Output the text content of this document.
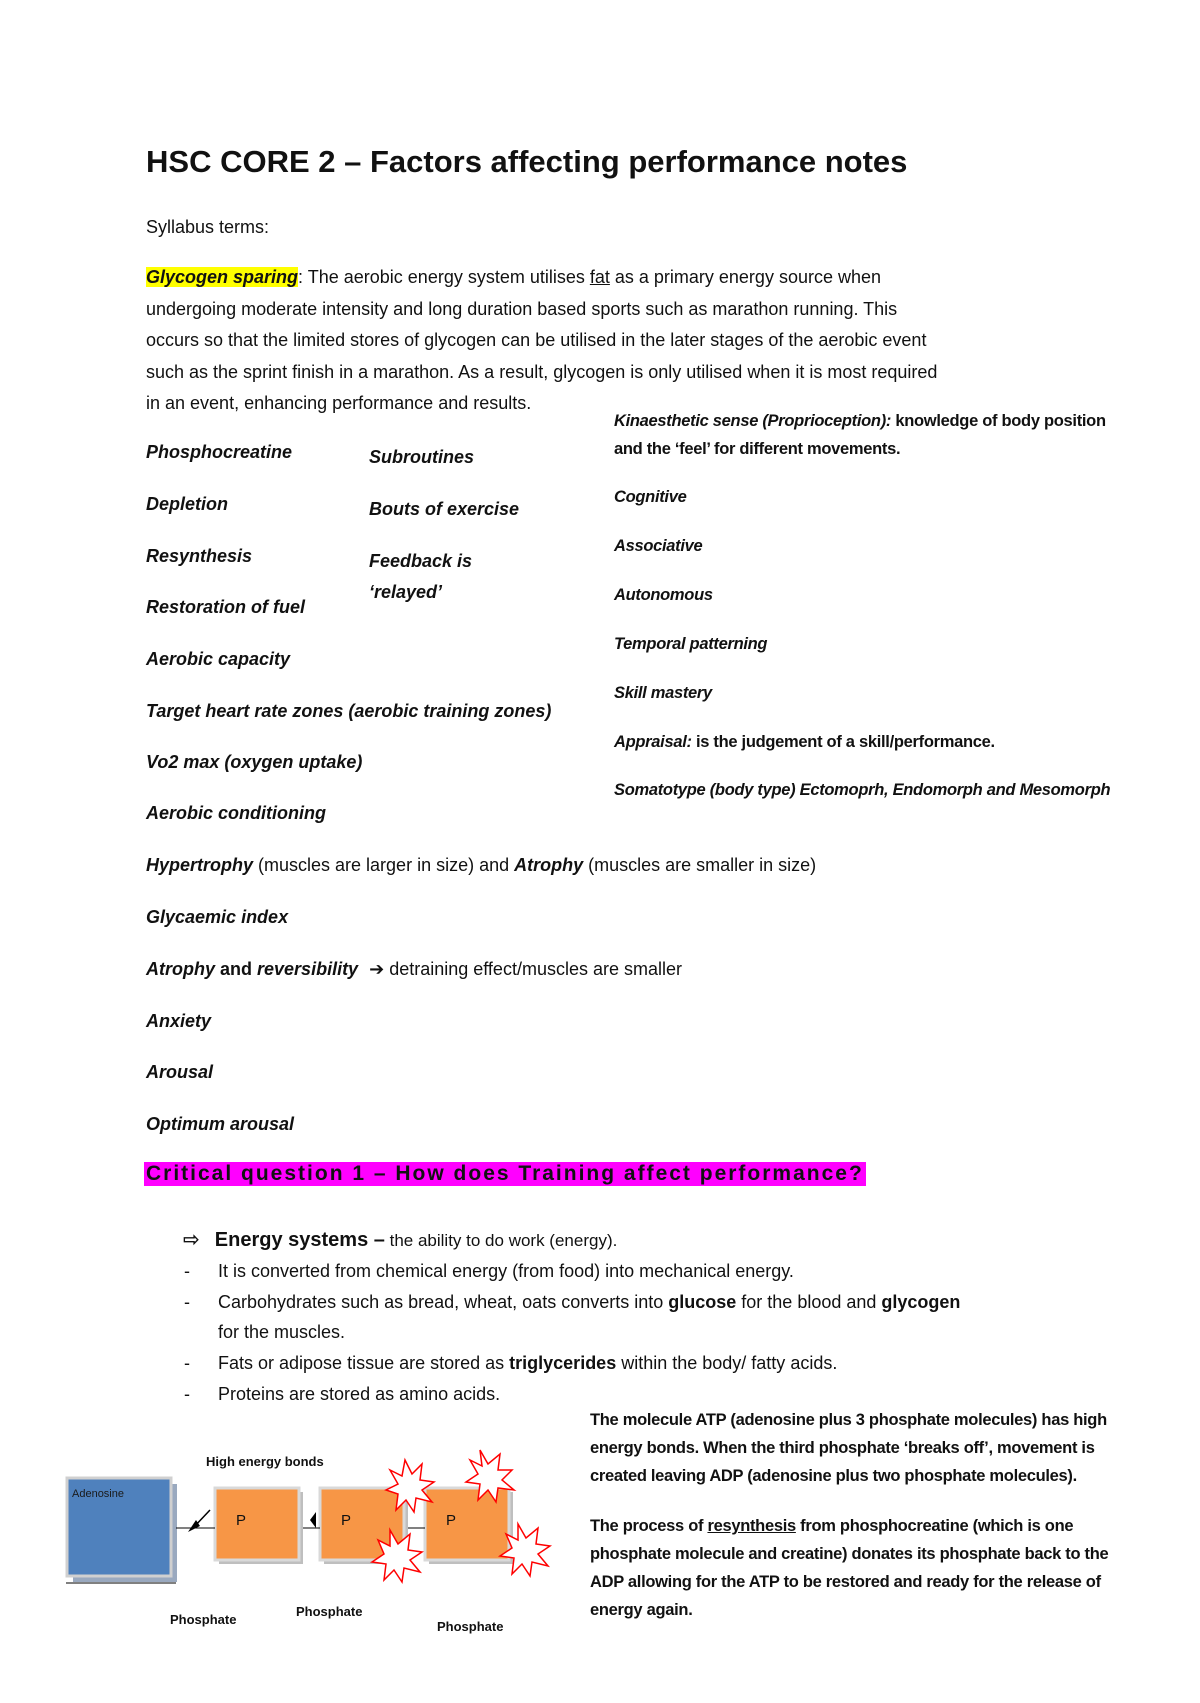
HSC CORE 2 – Factors affecting performance notes
Syllabus terms:
Glycogen sparing: The aerobic energy system utilises fat as a primary energy source when
undergoing moderate intensity and long duration based sports such as marathon running. This
occurs so that the limited stores of glycogen can be utilised in the later stages of the aerobic event
such as the sprint finish in a marathon. As a result, glycogen is only utilised when it is most required
in an event, enhancing performance and results.
Phosphocreatine
Depletion
Resynthesis
Restoration of fuel
Aerobic capacity
Target heart rate zones (aerobic training zones)
Vo2 max (oxygen uptake)
Aerobic conditioning
Subroutines
Bouts of exercise
Feedback is
‘relayed’
Kinaesthetic sense (Proprioception): knowledge of body position
and the ‘feel’ for different movements.
Cognitive
Associative
Autonomous
Temporal patterning
Skill mastery
Appraisal: is the judgement of a skill/performance.
Somatotype (body type) Ectomoprh, Endomorph and Mesomorph
Hypertrophy (muscles are larger in size) and Atrophy (muscles are smaller in size)
Glycaemic index
Atrophy and reversibility ➔ detraining effect/muscles are smaller
Anxiety
Arousal
Optimum arousal
Critical question 1 – How does Training affect performance?
⇨ Energy systems – the ability to do work (energy).
- It is converted from chemical energy (from food) into mechanical energy.
- Carbohydrates such as bread, wheat, oats converts into glucose for the blood and glycogen
for the muscles.
- Fats or adipose tissue are stored as triglycerides within the body/ fatty acids.
- Proteins are stored as amino acids.
The molecule ATP (adenosine plus 3 phosphate molecules) has high
energy bonds. When the third phosphate ‘breaks off’, movement is
created leaving ADP (adenosine plus two phosphate molecules).
The process of resynthesis from phosphocreatine (which is one
phosphate molecule and creatine) donates its phosphate back to the
ADP allowing for the ATP to be restored and ready for the release of
energy again.
High energy bonds
Adenosine
P	P	P
Phosphate
Phosphate
Phosphate
